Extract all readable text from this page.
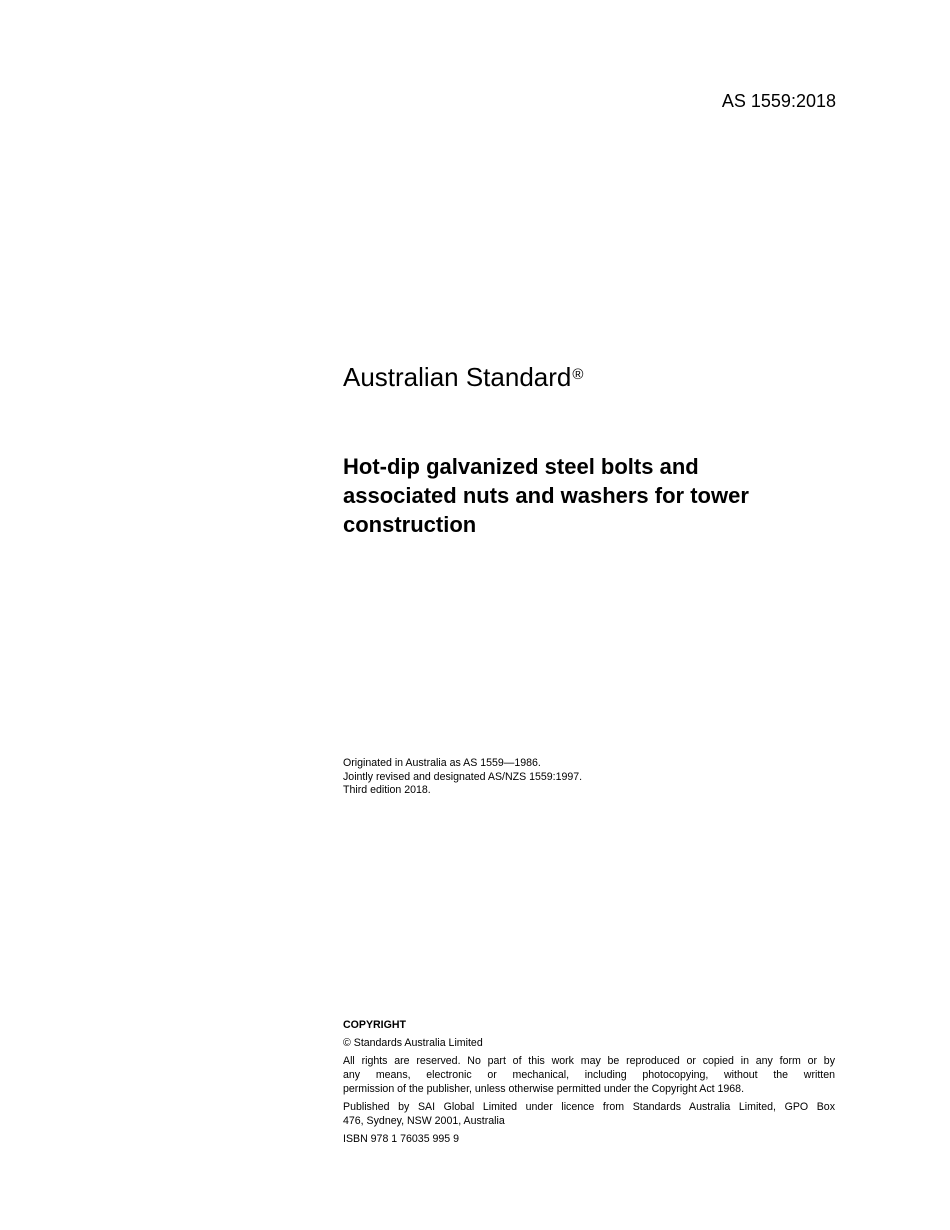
AS 1559:2018
Australian Standard®
Hot-dip galvanized steel bolts and
associated nuts and washers for tower
construction
Originated in Australia as AS 1559—1986.
Jointly revised and designated AS/NZS 1559:1997.
Third edition 2018.
COPYRIGHT

© Standards Australia Limited

All rights are reserved. No part of this work may be reproduced or copied in any form or by
any means, electronic or mechanical, including photocopying, without the written
permission of the publisher, unless otherwise permitted under the Copyright Act 1968.

Published by SAI Global Limited under licence from Standards Australia Limited, GPO Box
476, Sydney, NSW 2001, Australia

ISBN 978 1 76035 995 9
